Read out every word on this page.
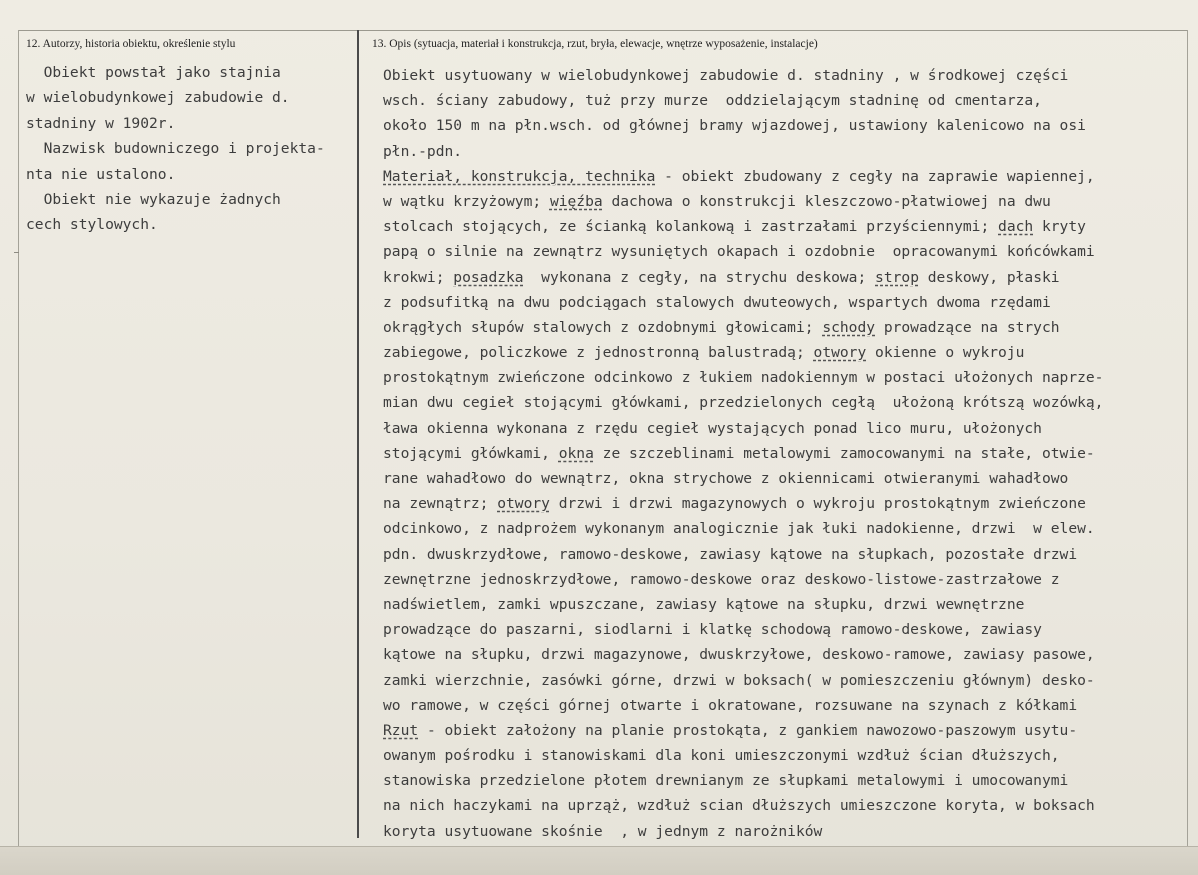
12. Autorzy, historia obiektu, określenie stylu
Obiekt powstał jako stajnia
w wielobudynkowej zabudowie d.
stadniny w 1902r.
Nazwisk budowniczego i projekta-
nta nie ustalono.
Obiekt nie wykazuje żadnych
cech stylowych.
13. Opis (sytuacja, materiał i konstrukcja, rzut, bryła, elewacje, wnętrze wyposażenie, instalacje)
Obiekt usytuowany w wielobudynkowej zabudowie d. stadniny , w środkowej części
wsch. ściany zabudowy, tuż przy murze  oddzielającym stadninę od cmentarza,
około 150 m na płn.wsch. od głównej bramy wjazdowej, ustawiony kalenicowo na osi
płn.-pdn.
Materiał, konstrukcja, technika - obiekt zbudowany z cegły na zaprawie wapiennej,
w wątku krzyżowym; więźba dachowa o konstrukcji kleszczowo-płatwiowej na dwu
stolcach stojących, ze ścianką kolankową i zastrzałami przyściennymi; dach kryty
papą o silnie na zewnątrz wysuniętych okapach i ozdobnie  opracowanymi końcówkami
krokwi; posadzka  wykonana z cegły, na strychu deskowa; strop deskowy, płaski
z podsufitką na dwu podciągach stalowych dwuteowych, wspartych dwoma rzędami
okrągłych słupów stalowych z ozdobnymi głowicami; schody prowadzące na strych
zabiegowe, policzkowe z jednostronną balustradą; otwory okienne o wykroju
prostokątnym zwieńczone odcinkowo z łukiem nadokiennym w postaci ułożonych naprze-
mian dwu cegieł stojącymi główkami, przedzielonych cegłą  ułożoną krótszą wozówką,
ława okienna wykonana z rzędu cegieł wystających ponad lico muru, ułożonych
stojącymi główkami, okna ze szczeblinami metalowymi zamocowanymi na stałe, otwie-
rane wahadłowo do wewnątrz, okna strychowe z okiennicami otwieranymi wahadłowo
na zewnątrz; otwory drzwi i drzwi magazynowych o wykroju prostokątnym zwieńczone
odcinkowo, z nadprożem wykonanym analogicznie jak łuki nadokienne, drzwi  w elew.
pdn. dwuskrzydłowe, ramowo-deskowe, zawiasy kątowe na słupkach, pozostałe drzwi
zewnętrzne jednoskrzydłowe, ramowo-deskowe oraz deskowo-listowe-zastrzałowe z
nadświetlem, zamki wpuszczane, zawiasy kątowe na słupku, drzwi wewnętrzne
prowadzące do paszarni, siodlarni i klatkę schodową ramowo-deskowe, zawiasy
kątowe na słupku, drzwi magazynowe, dwuskrzyłowe, deskowo-ramowe, zawiasy pasowe,
zamki wierzchnie, zasówki górne, drzwi w boksach( w pomieszczeniu głównym) desko-
wo ramowe, w części górnej otwarte i okratowane, rozsuwane na szynach z kółkami
Rzut - obiekt założony na planie prostokąta, z gankiem nawozowo-paszowym usytu-
owanym pośrodku i stanowiskami dla koni umieszczonymi wzdłuż ścian dłuższych,
stanowiska przedzielone płotem drewnianym ze słupkami metalowymi i umocowanymi
na nich haczykami na uprząż, wzdłuż scian dłuższych umieszczone koryta, w boksach
koryta usytuowane skośnie  , w jednym z narożników
